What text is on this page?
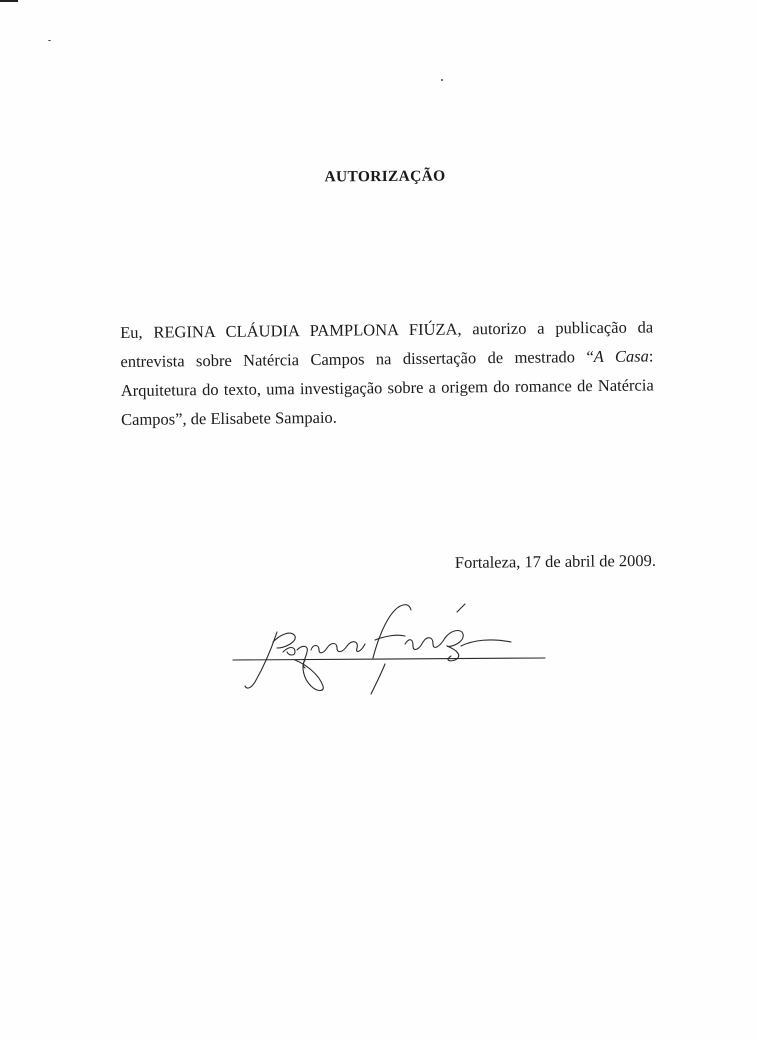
AUTORIZAÇÃO
Eu, REGINA CLÁUDIA PAMPLONA FIÚZA, autorizo a publicação da
entrevista sobre Natércia Campos na dissertação de mestrado “A Casa:
Arquitetura do texto, uma investigação sobre a origem do romance de Natércia
Campos”, de Elisabete Sampaio.
Fortaleza, 17 de abril de 2009.
